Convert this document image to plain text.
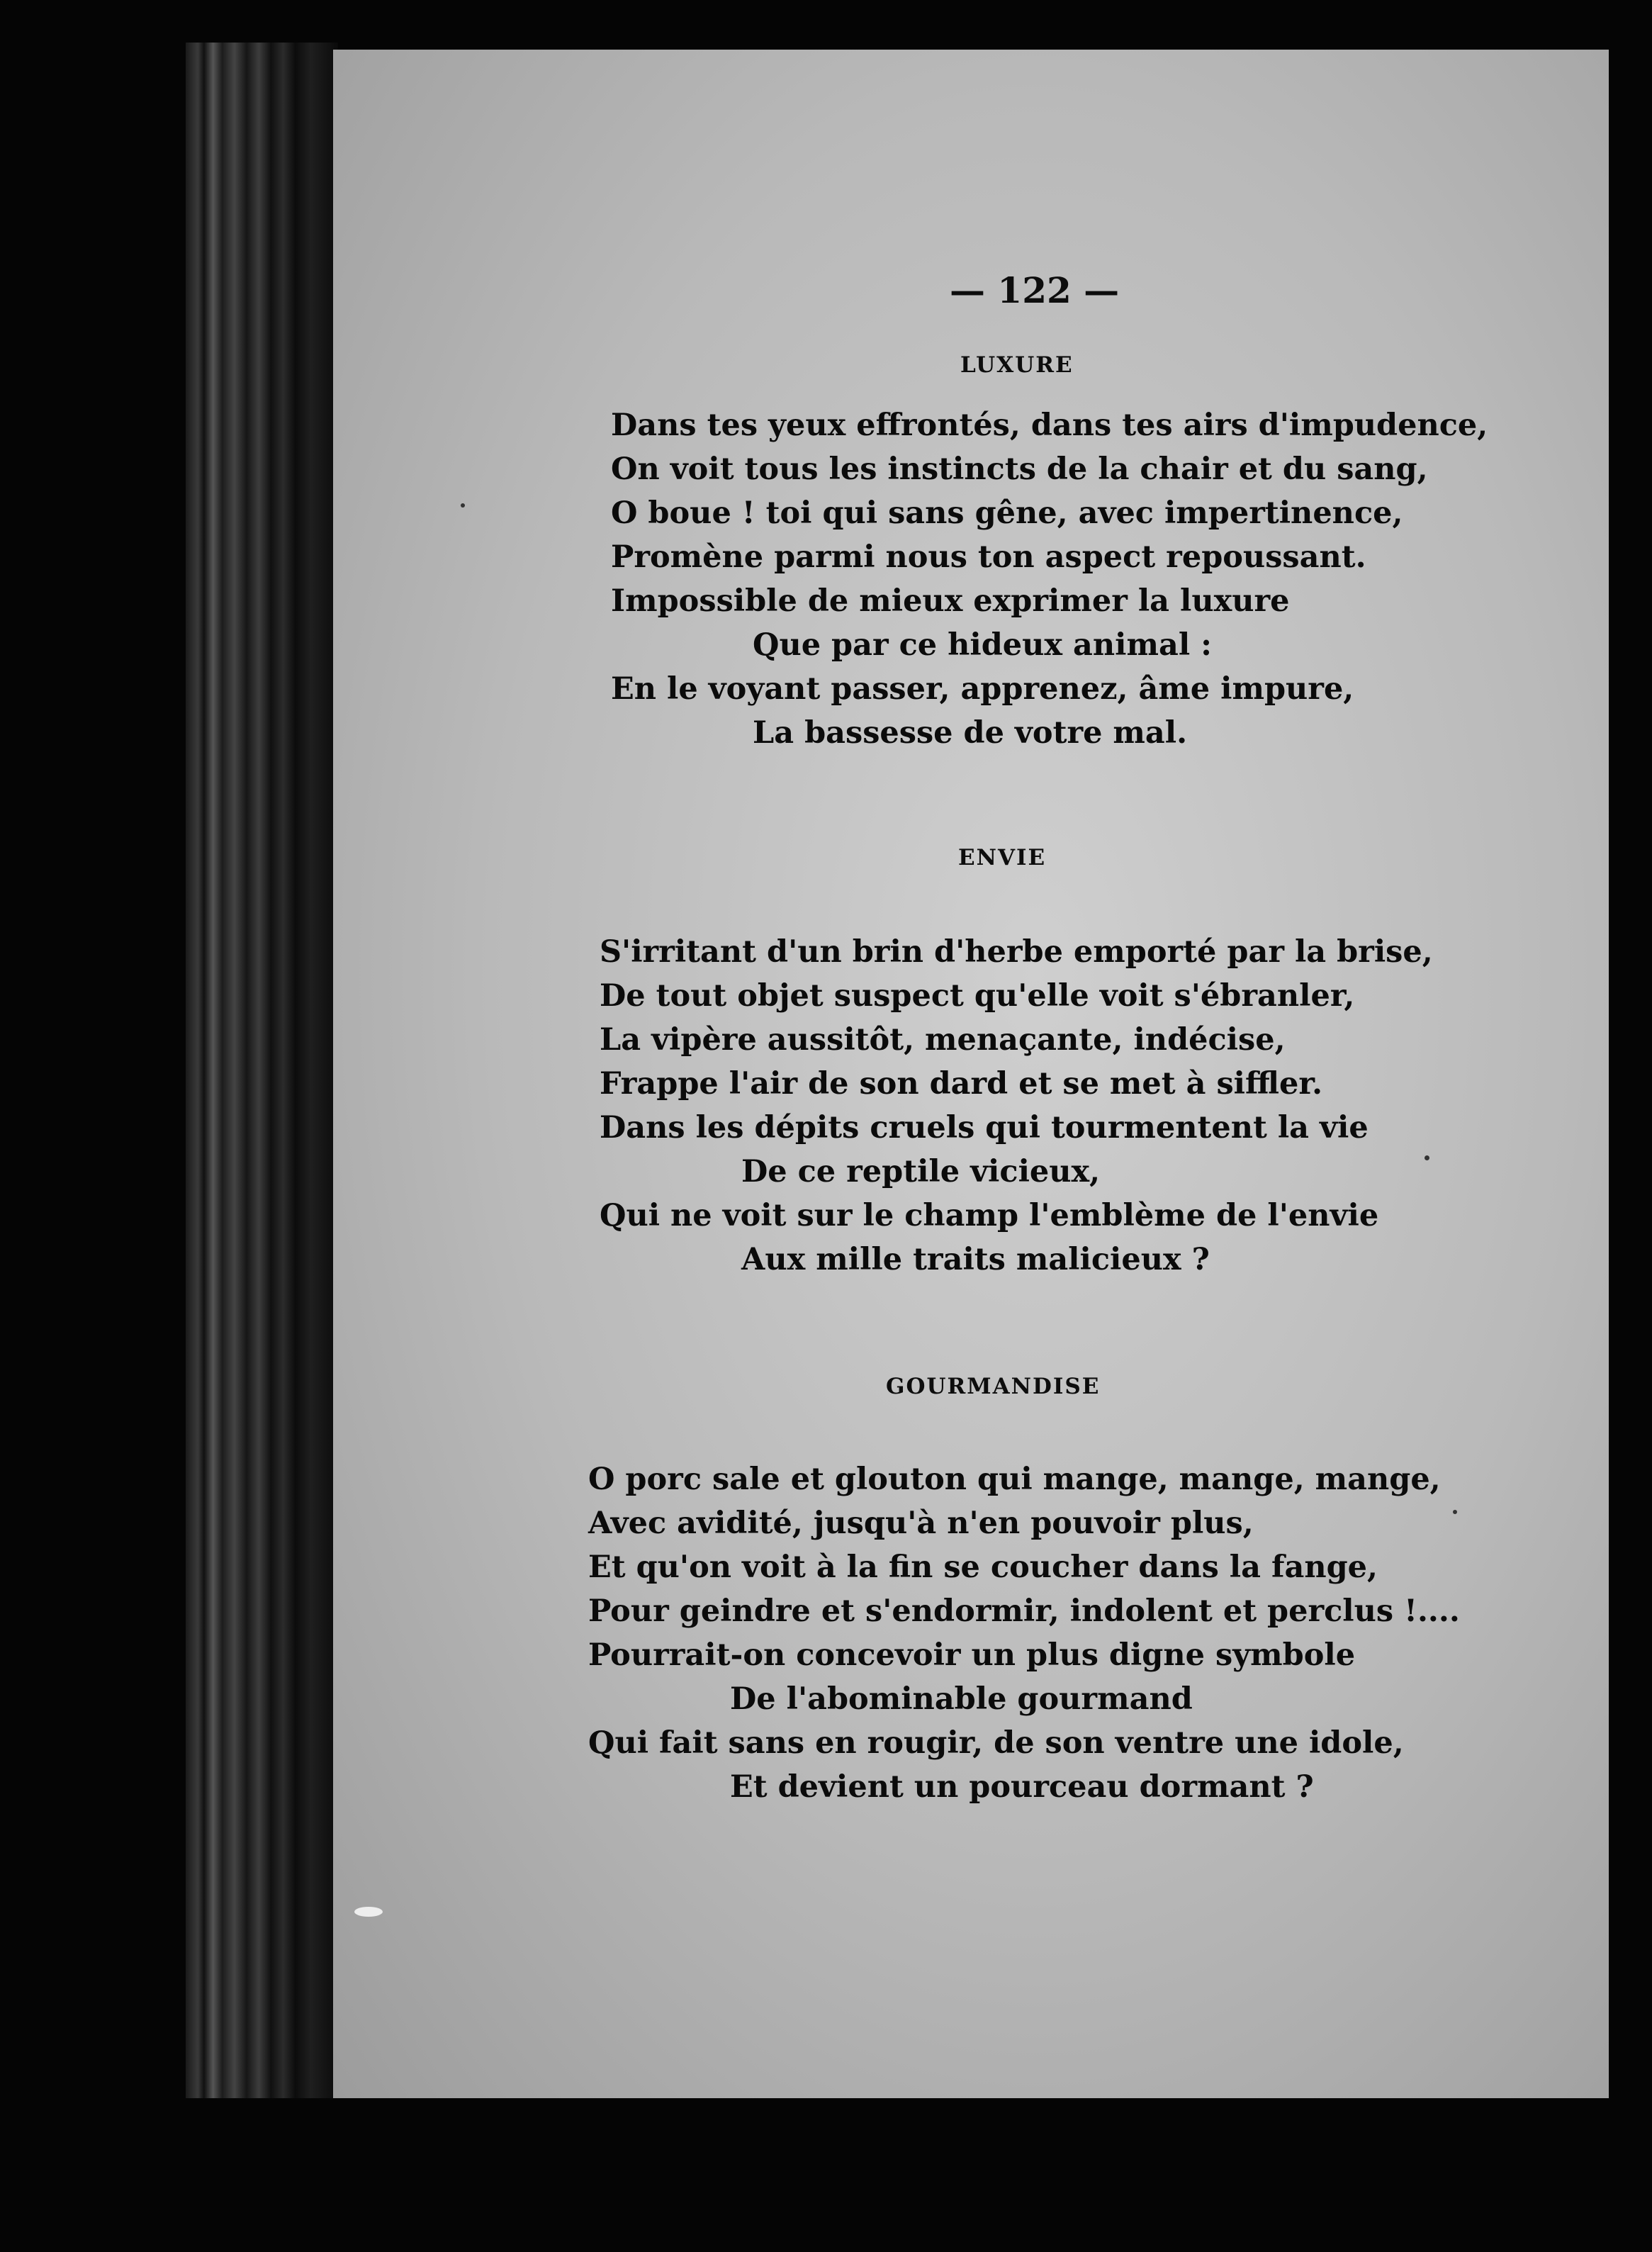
— 122 —
LUXURE
Dans tes yeux effrontés, dans tes airs d'impudence,
On voit tous les instincts de la chair et du sang,
O boue ! toi qui sans gêne, avec impertinence,
Promène parmi nous ton aspect repoussant.
Impossible de mieux exprimer la luxure
Que par ce hideux animal :
En le voyant passer, apprenez, âme impure,
La bassesse de votre mal.
ENVIE
S'irritant d'un brin d'herbe emporté par la brise,
De tout objet suspect qu'elle voit s'ébranler,
La vipère aussitôt, menaçante, indécise,
Frappe l'air de son dard et se met à siffler.
Dans les dépits cruels qui tourmentent la vie
De ce reptile vicieux,
Qui ne voit sur le champ l'emblème de l'envie
Aux mille traits malicieux ?
GOURMANDISE
O porc sale et glouton qui mange, mange, mange,
Avec avidité, jusqu'à n'en pouvoir plus,
Et qu'on voit à la fin se coucher dans la fange,
Pour geindre et s'endormir, indolent et perclus !....
Pourrait-on concevoir un plus digne symbole
De l'abominable gourmand
Qui fait sans en rougir, de son ventre une idole,
Et devient un pourceau dormant ?
